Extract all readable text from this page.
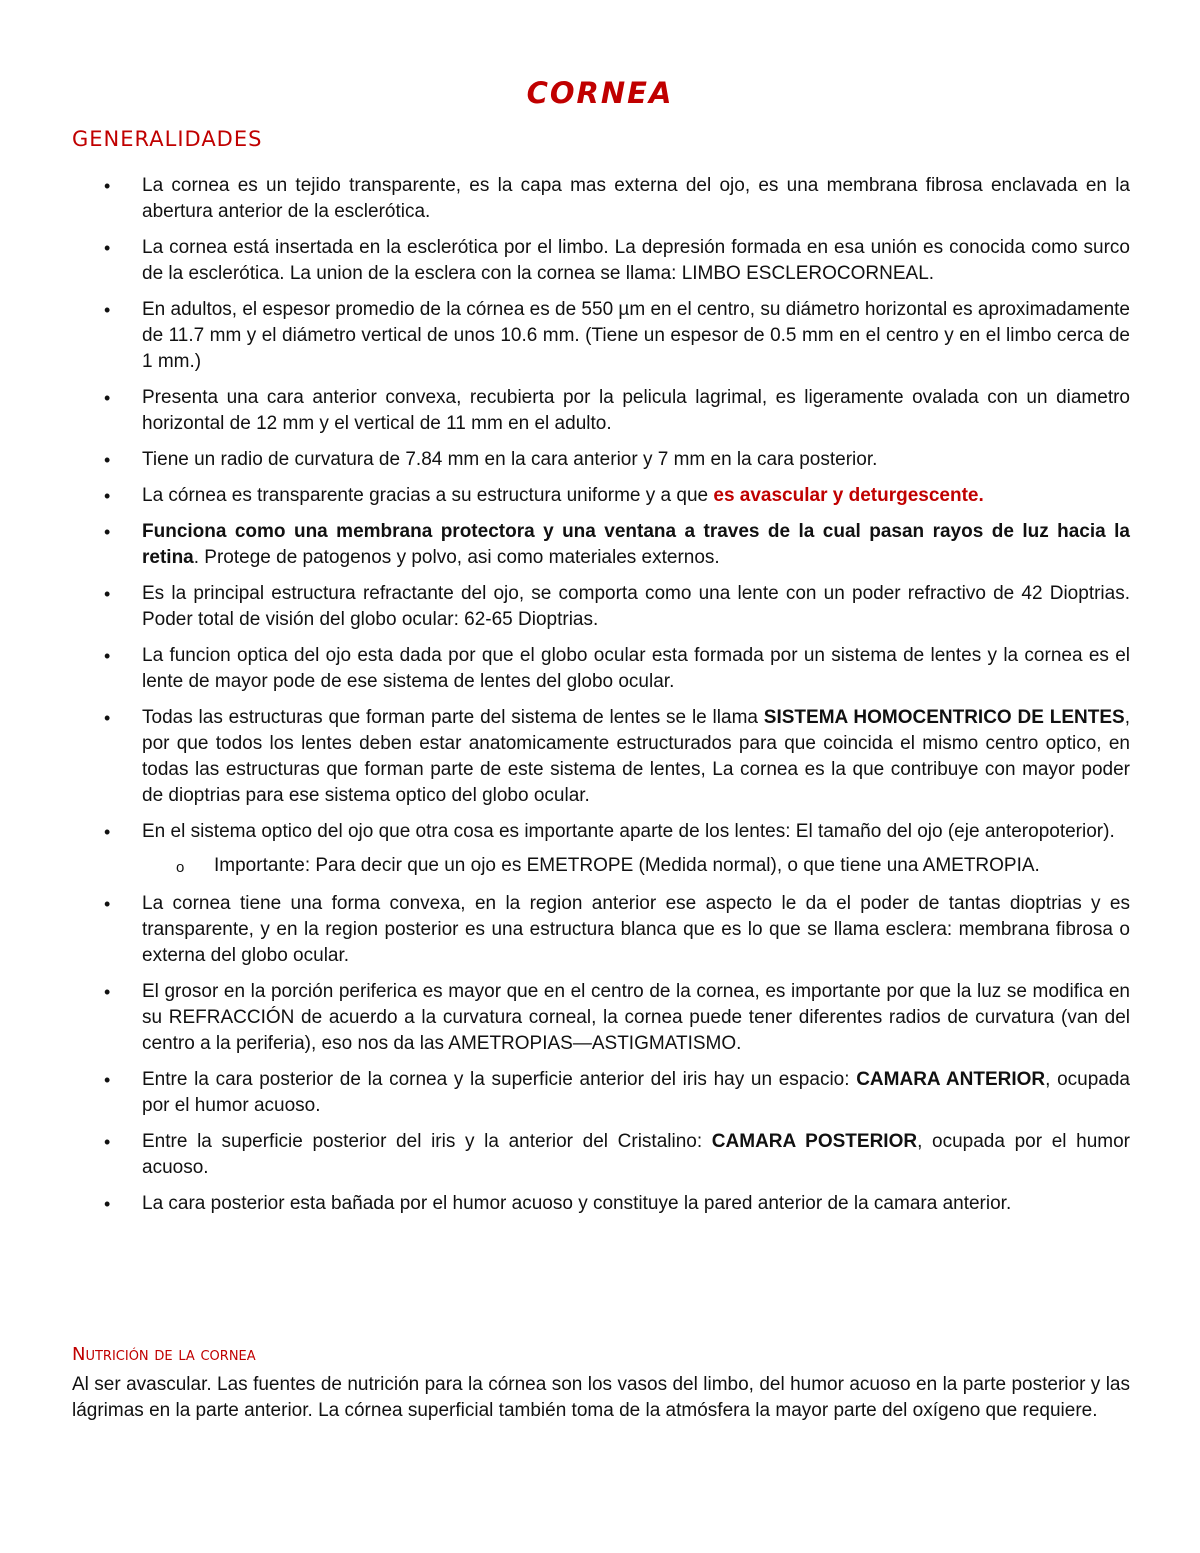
CORNEA
GENERALIDADES
• La cornea es un tejido transparente, es la capa mas externa del ojo, es una membrana fibrosa enclavada en la abertura anterior de la esclerótica.
• La cornea está insertada en la esclerótica por el limbo. La depresión formada en esa unión es conocida como surco de la esclerótica. La union de la esclera con la cornea se llama: LIMBO ESCLEROCORNEAL.
• En adultos, el espesor promedio de la córnea es de 550 µm en el centro, su diámetro horizontal es aproximadamente de 11.7 mm y el diámetro vertical de unos 10.6 mm. (Tiene un espesor de 0.5 mm en el centro y en el limbo cerca de 1 mm.)
• Presenta una cara anterior convexa, recubierta por la pelicula lagrimal, es ligeramente ovalada con un diametro horizontal de 12 mm y el vertical de 11 mm en el adulto.
• Tiene un radio de curvatura de 7.84 mm en la cara anterior y 7 mm en la cara posterior.
• La córnea es transparente gracias a su estructura uniforme y a que es avascular y deturgescente.
• Funciona como una membrana protectora y una ventana a traves de la cual pasan rayos de luz hacia la retina. Protege de patogenos y polvo, asi como materiales externos.
• Es la principal estructura refractante del ojo, se comporta como una lente con un poder refractivo de 42 Dioptrias. Poder total de visión del globo ocular: 62-65 Dioptrias.
• La funcion optica del ojo esta dada por que el globo ocular esta formada por un sistema de lentes y la cornea es el lente de mayor pode de ese sistema de lentes del globo ocular.
• Todas las estructuras que forman parte del sistema de lentes se le llama SISTEMA HOMOCENTRICO DE LENTES, por que todos los lentes deben estar anatomicamente estructurados para que coincida el mismo centro optico, en todas las estructuras que forman parte de este sistema de lentes, La cornea es la que contribuye con mayor poder de dioptrias para ese sistema optico del globo ocular.
• En el sistema optico del ojo que otra cosa es importante aparte de los lentes: El tamaño del ojo (eje anteropoterior).
o Importante: Para decir que un ojo es EMETROPE (Medida normal), o que tiene una AMETROPIA.
• La cornea tiene una forma convexa, en la region anterior ese aspecto le da el poder de tantas dioptrias y es transparente, y en la region posterior es una estructura blanca que es lo que se llama esclera: membrana fibrosa o externa del globo ocular.
• El grosor en la porción periferica es mayor que en el centro de la cornea, es importante por que la luz se modifica en su REFRACCIÓN de acuerdo a la curvatura corneal, la cornea puede tener diferentes radios de curvatura (van del centro a la periferia), eso nos da las AMETROPIAS—ASTIGMATISMO.
• Entre la cara posterior de la cornea y la superficie anterior del iris hay un espacio: CAMARA ANTERIOR, ocupada por el humor acuoso.
• Entre la superficie posterior del iris y la anterior del Cristalino: CAMARA POSTERIOR, ocupada por el humor acuoso.
• La cara posterior esta bañada por el humor acuoso y constituye la pared anterior de la camara anterior.
Nutrición de la cornea
Al ser avascular. Las fuentes de nutrición para la córnea son los vasos del limbo, del humor acuoso en la parte posterior y las lágrimas en la parte anterior. La córnea superficial también toma de la atmósfera la mayor parte del oxígeno que requiere.
